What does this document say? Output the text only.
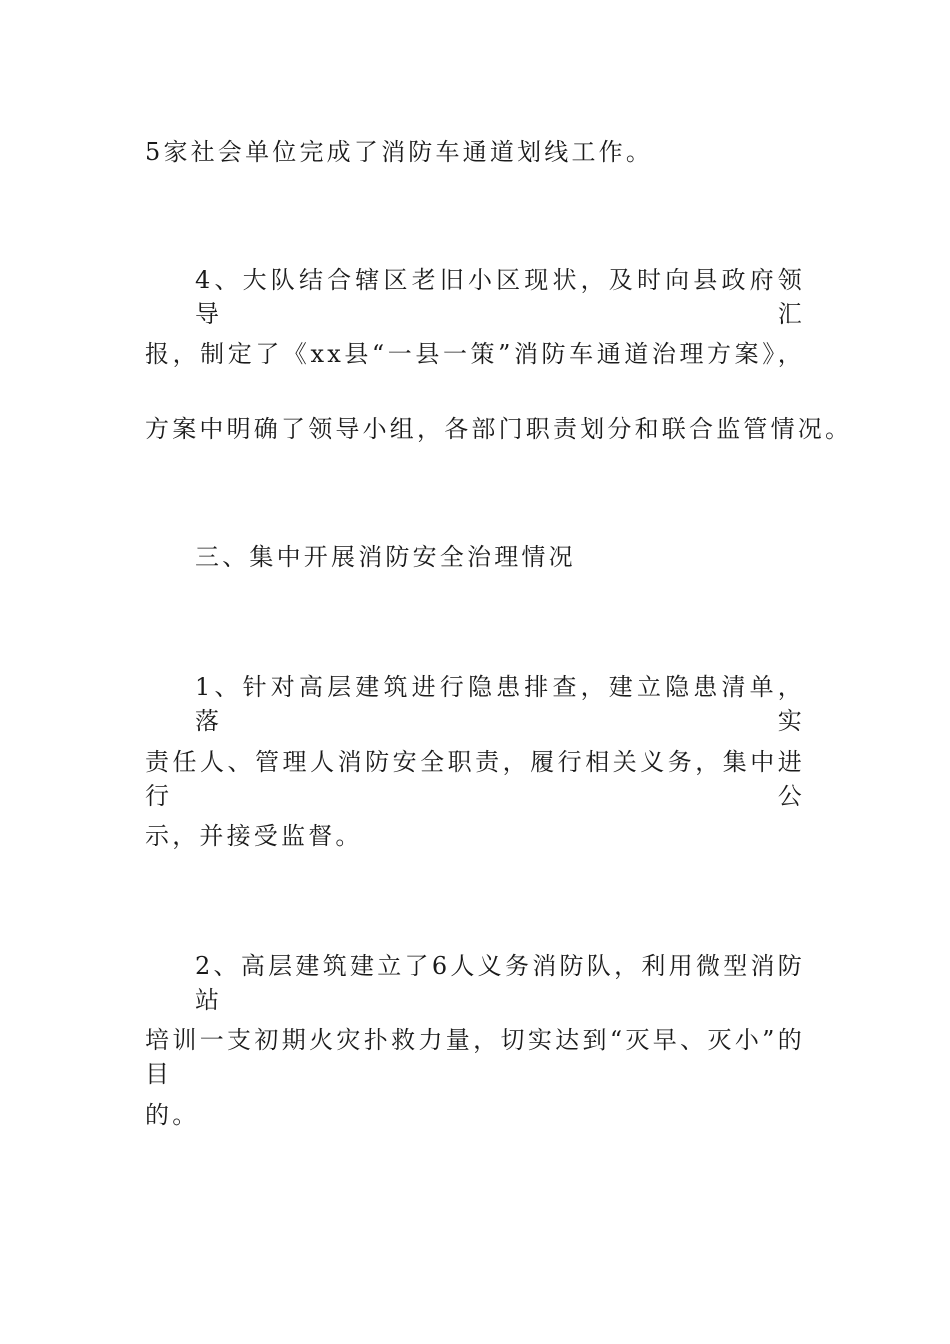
5家社会单位完成了消防车通道划线工作。

4、大队结合辖区老旧小区现状，及时向县政府领导汇

报，制定了《xx县“一县一策”消防车通道治理方案》，

方案中明确了领导小组，各部门职责划分和联合监管情况。

三、集中开展消防安全治理情况

1、针对高层建筑进行隐患排查，建立隐患清单，落实

责任人、管理人消防安全职责，履行相关义务，集中进行公

示，并接受监督。

2、高层建筑建立了6人义务消防队，利用微型消防站

培训一支初期火灾扑救力量，切实达到“灭早、灭小”的目

的。
